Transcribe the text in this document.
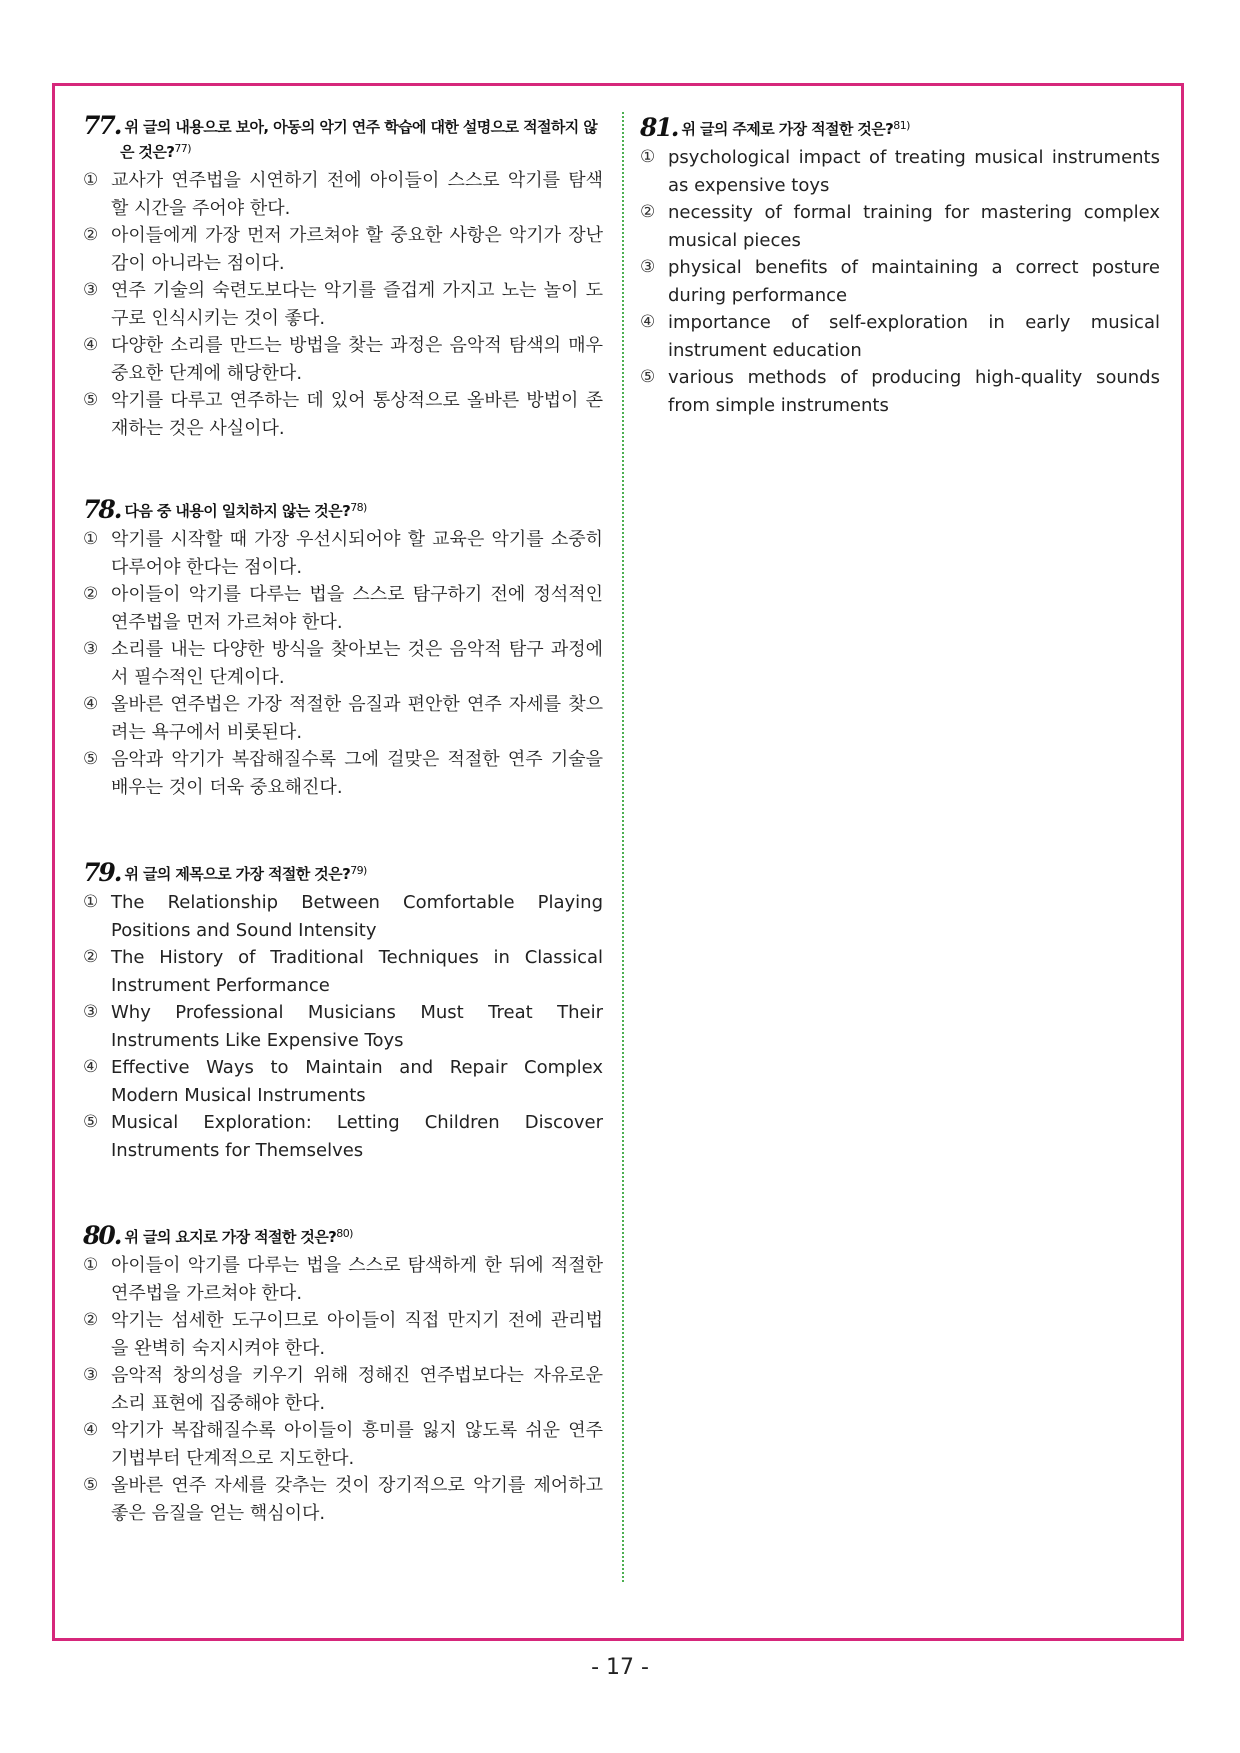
77. 위 글의 내용으로 보아, 아동의 악기 연주 학습에 대한 설명으로 적절하지 않은 것은?$^{77)}$
① 교사가 연주법을 시연하기 전에 아이들이 스스로 악기를 탐색할 시간을 주어야 한다.
② 아이들에게 가장 먼저 가르쳐야 할 중요한 사항은 악기가 장난감이 아니라는 점이다.
③ 연주 기술의 숙련도보다는 악기를 즐겁게 가지고 노는 놀이 도구로 인식시키는 것이 좋다.
④ 다양한 소리를 만드는 방법을 찾는 과정은 음악적 탐색의 매우 중요한 단계에 해당한다.
⑤ 악기를 다루고 연주하는 데 있어 통상적으로 올바른 방법이 존재하는 것은 사실이다.
78. 다음 중 내용이 일치하지 않는 것은?$^{78)}$
① 악기를 시작할 때 가장 우선시되어야 할 교육은 악기를 소중히 다루어야 한다는 점이다.
② 아이들이 악기를 다루는 법을 스스로 탐구하기 전에 정석적인 연주법을 먼저 가르쳐야 한다.
③ 소리를 내는 다양한 방식을 찾아보는 것은 음악적 탐구 과정에서 필수적인 단계이다.
④ 올바른 연주법은 가장 적절한 음질과 편안한 연주 자세를 찾으려는 욕구에서 비롯된다.
⑤ 음악과 악기가 복잡해질수록 그에 걸맞은 적절한 연주 기술을 배우는 것이 더욱 중요해진다.
79. 위 글의 제목으로 가장 적절한 것은?$^{79)}$
① The Relationship Between Comfortable Playing Positions and Sound Intensity
② The History of Traditional Techniques in Classical Instrument Performance
③ Why Professional Musicians Must Treat Their Instruments Like Expensive Toys
④ Effective Ways to Maintain and Repair Complex Modern Musical Instruments
⑤ Musical Exploration: Letting Children Discover Instruments for Themselves
80. 위 글의 요지로 가장 적절한 것은?$^{80)}$
① 아이들이 악기를 다루는 법을 스스로 탐색하게 한 뒤에 적절한 연주법을 가르쳐야 한다.
② 악기는 섬세한 도구이므로 아이들이 직접 만지기 전에 관리법을 완벽히 숙지시켜야 한다.
③ 음악적 창의성을 키우기 위해 정해진 연주법보다는 자유로운 소리 표현에 집중해야 한다.
④ 악기가 복잡해질수록 아이들이 흥미를 잃지 않도록 쉬운 연주 기법부터 단계적으로 지도한다.
⑤ 올바른 연주 자세를 갖추는 것이 장기적으로 악기를 제어하고 좋은 음질을 얻는 핵심이다.
81. 위 글의 주제로 가장 적절한 것은?$^{81)}$
① psychological impact of treating musical instruments as expensive toys
② necessity of formal training for mastering complex musical pieces
③ physical benefits of maintaining a correct posture during performance
④ importance of self-exploration in early musical instrument education
⑤ various methods of producing high-quality sounds from simple instruments
- 17 -
